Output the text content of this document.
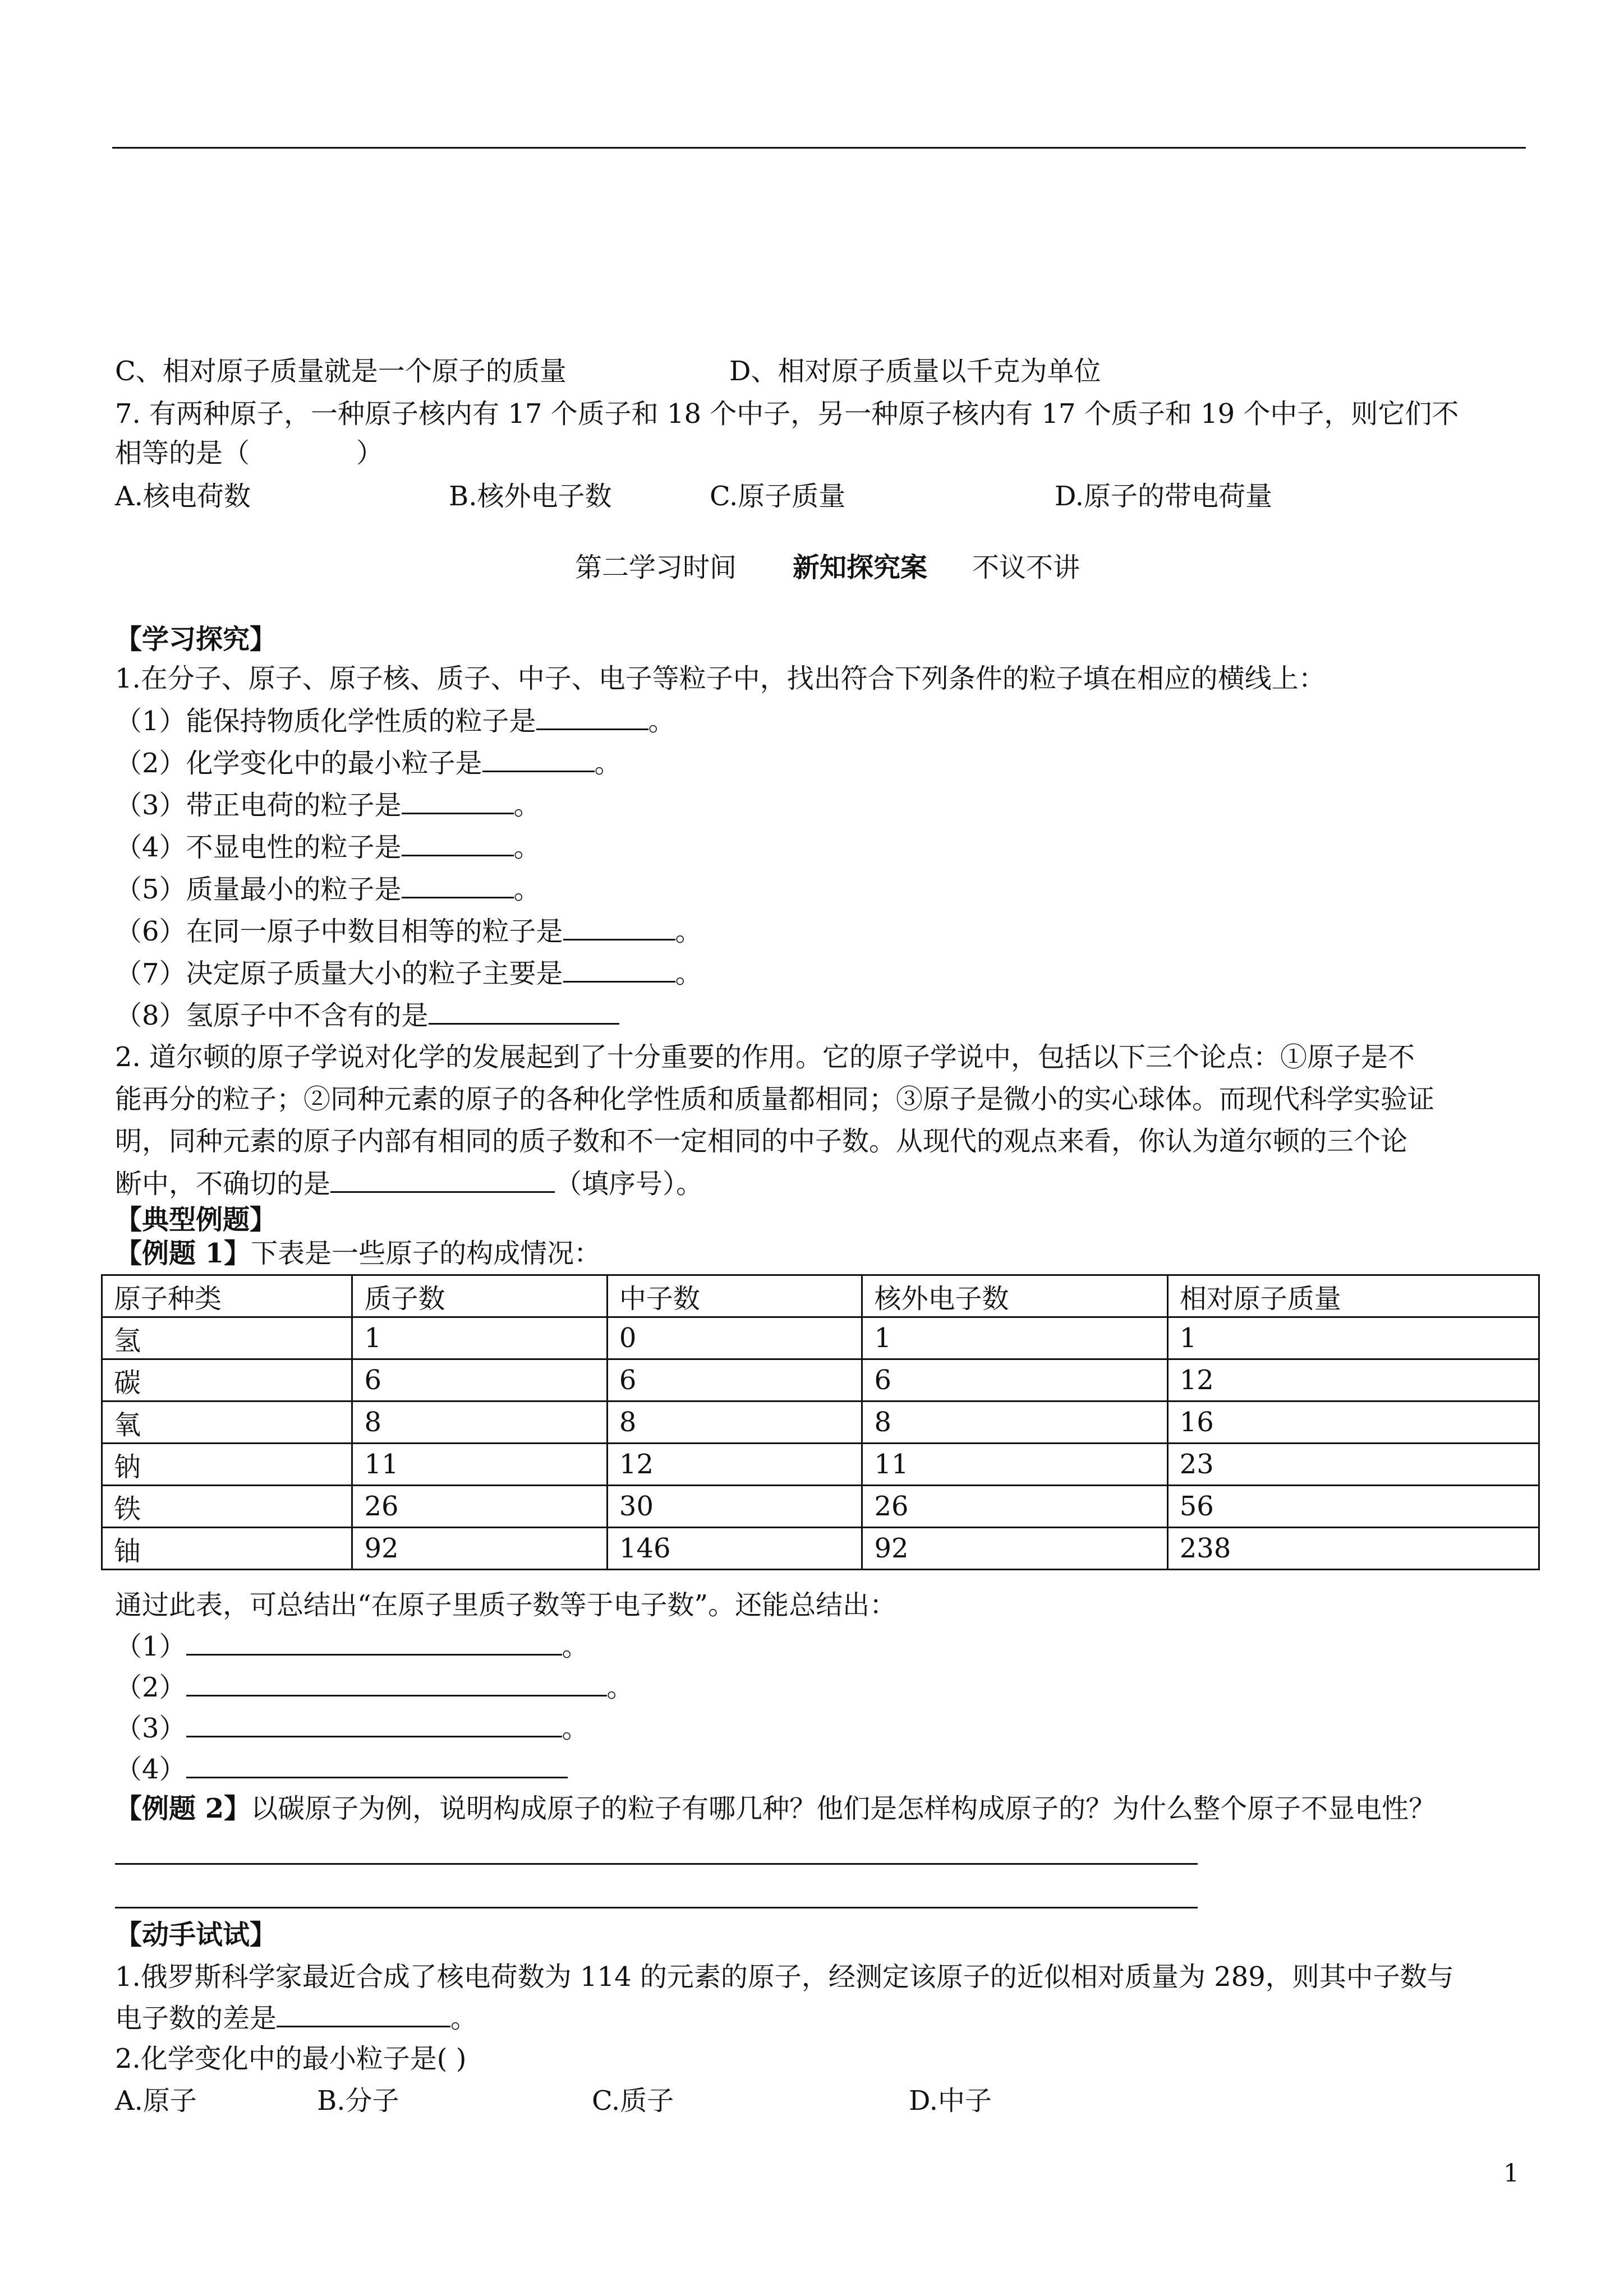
C、相对原子质量就是一个原子的质量	D、相对原子质量以千克为单位
7. 有两种原子，一种原子核内有 17 个质子和 18 个中子，另一种原子核内有 17 个质子和 19 个中子，则它们不
相等的是（	）
A.核电荷数	B.核外电子数	C.原子质量	D.原子的带电荷量
第二学习时间 新知探究案 不议不讲
【学习探究】
1.在分子、原子、原子核、质子、中子、电子等粒子中，找出符合下列条件的粒子填在相应的横线上：
（1）能保持物质化学性质的粒子是	。
（2）化学变化中的最小粒子是	。
（3）带正电荷的粒子是	。
（4）不显电性的粒子是	。
（5）质量最小的粒子是	。
（6）在同一原子中数目相等的粒子是	。
（7）决定原子质量大小的粒子主要是	。
（8）氢原子中不含有的是
2. 道尔顿的原子学说对化学的发展起到了十分重要的作用。它的原子学说中，包括以下三个论点：①原子是不
能再分的粒子；②同种元素的原子的各种化学性质和质量都相同；③原子是微小的实心球体。而现代科学实验证
明，同种元素的原子内部有相同的质子数和不一定相同的中子数。从现代的观点来看，你认为道尔顿的三个论
断中，不确切的是	（填序号）。
【典型例题】
【例题 1】下表是一些原子的构成情况：
原子种类	质子数	中子数	核外电子数	相对原子质量
氢	1	0	1	1
碳	6	6	6	12
氧	8	8	8	16
钠	11	12	11	23
铁	26	30	26	56
铀	92	146	92	238
通过此表，可总结出“在原子里质子数等于电子数”。还能总结出：
（1）	。
（2）	。
（3）	。
（4）
【例题 2】以碳原子为例，说明构成原子的粒子有哪几种？他们是怎样构成原子的？为什么整个原子不显电性？
【动手试试】
1.俄罗斯科学家最近合成了核电荷数为 114 的元素的原子，经测定该原子的近似相对质量为 289，则其中子数与
电子数的差是	。
2.化学变化中的最小粒子是( )
A.原子	B.分子	C.质子	D.中子
1
